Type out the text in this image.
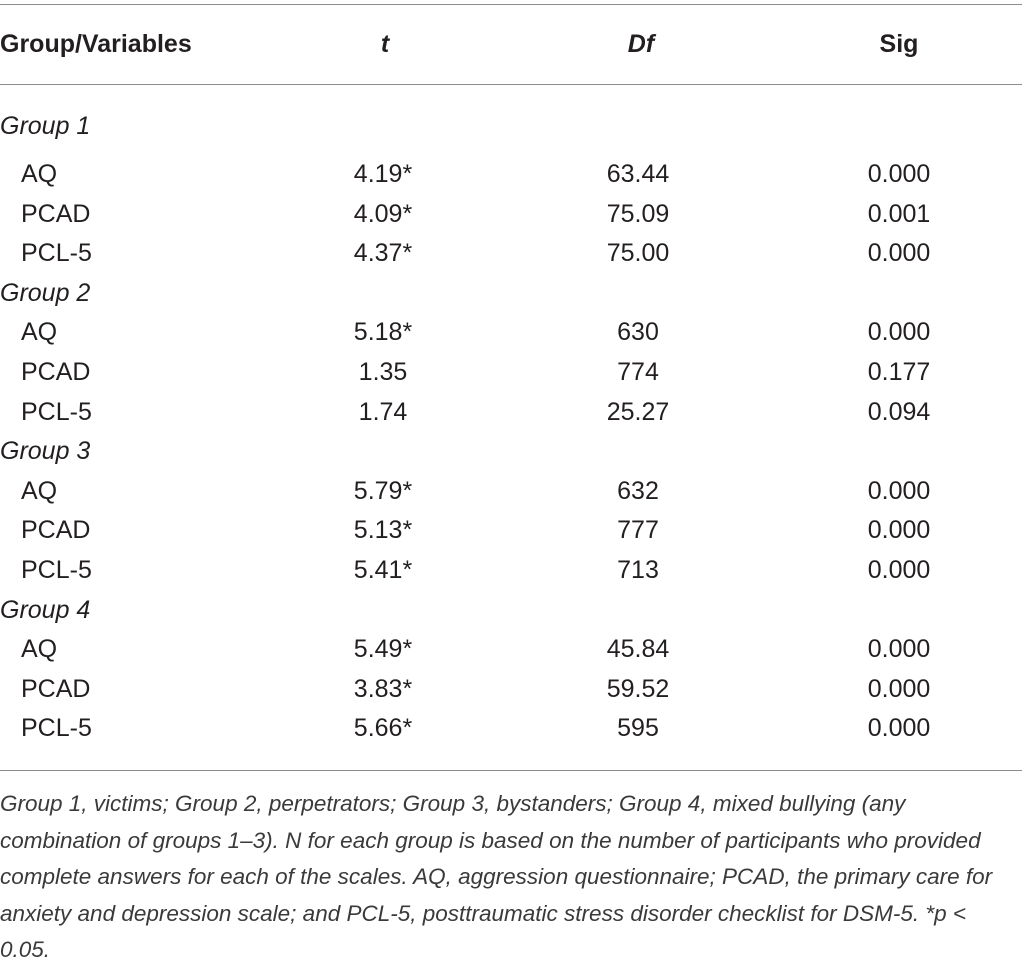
Group/Variables	t	Df	Sig
Group 1
AQ	4.19*	63.44	0.000
PCAD	4.09*	75.09	0.001
PCL-5	4.37*	75.00	0.000
Group 2
AQ	5.18*	630	0.000
PCAD	1.35	774	0.177
PCL-5	1.74	25.27	0.094
Group 3
AQ	5.79*	632	0.000
PCAD	5.13*	777	0.000
PCL-5	5.41*	713	0.000
Group 4
AQ	5.49*	45.84	0.000
PCAD	3.83*	59.52	0.000
PCL-5	5.66*	595	0.000
Group 1, victims; Group 2, perpetrators; Group 3, bystanders; Group 4, mixed bullying (any combination of groups 1–3). N for each group is based on the number of participants who provided complete answers for each of the scales. AQ, aggression questionnaire; PCAD, the primary care for anxiety and depression scale; and PCL-5, posttraumatic stress disorder checklist for DSM-5. *p < 0.05.
